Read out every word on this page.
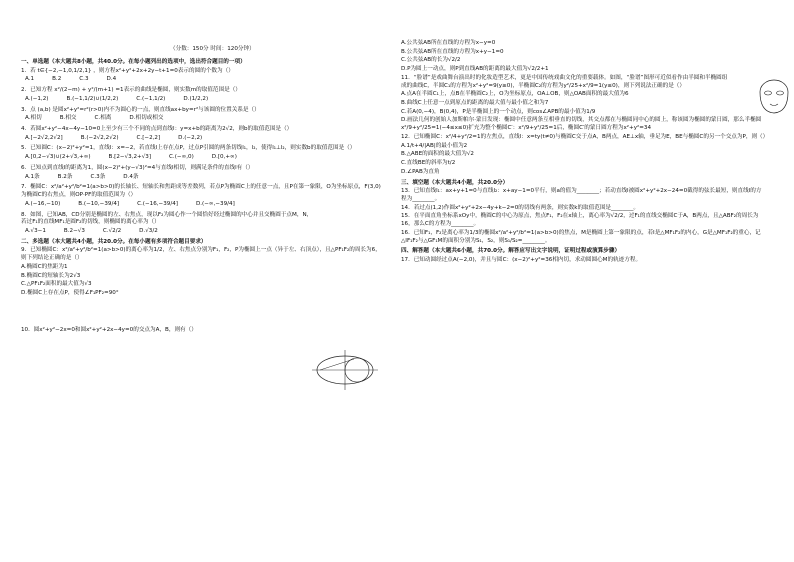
（分数：150分 时间：120分钟）
一、单选题（本大题共8小题，共40.0分。在每小题列出的选项中，选出符合题目的一项）
1．若 t∈{−2,−1,0,1/2,1} ，则方程x²+y²+2x+2y−t+1=0表示的圆的个数为（）
A.1	B.2	C.3	D.4
2．已知方程 x²/(2−m) + y²/(m+1) =1表示的曲线是椭圆，则实数m的取值范围是（）
A.(−1,2)	B.(−1,1/2)∪(1/2,2)	C.(−1,1/2)	D.(1/2,2)
3．点 (a,b) 是圆x²+y²=r²(r>0)内不为圆心的一点，则直线ax+by=r²与该圆的位置关系是（）
A.相切	B.相交	C.相离	D.相切或相交
4．若圆x²+y²−4x−4y−10=0上至少有三个不同的点到直线l：y=x+b的距离为2√2，则b的取值范围是（）
A.[−2√2,2√2]	B.(−2√2,2√2)	C.[−2,2]	D.(−2,2)
5．已知圆C：(x−2)²+y²=1，直线l：x=−2，若直线l上存在点P，过点P引圆的两条切线l₁，l₂，使得l₁⊥l₂，则实数b的取值范围是（）
A.[0,2−√3)∪(2+√3,+∞)	B.[2−√3,2+√3]	C.(−∞,0)	D.[0,+∞)
6．已知点到直线l的距离为1，圆(x−2)²+(y−√3)²=4与直线l相切，则满足条件的直线l有（）
A.1条	B.2条	C.3条	D.4条
7．椭圆C：x²/a²+y²/b²=1(a>b>0)的长轴长、短轴长和焦距成等差数列，若点P为椭圆C上的任意一点，且P在第一象限，O为坐标原点，F(3,0)为椭圆C的右焦点，则OP·PF的取值范围为（）
A.(−16,−10)	B.(−10,−39/4]	C.(−16,−39/4]	D.(−∞,−39/4]
8．如图，已知AB，CD分别是椭圆的左、右焦点，现以F₂为圆心作一个圆恰好经过椭圆的中心并且交椭圆于点M，N，若过F₁的直线MF₁是圆F₂的切线，则椭圆的离心率为（）
A.√3−1	B.2−√3	C.√2/2	D.√3/2
二、多选题（本大题共4小题，共20.0分。在每小题有多项符合题目要求）
9．已知椭圆C：x²/a²+y²/b²=1(a>b>0)的离心率为1/2，左、右焦点分别为F₁，F₂，P为椭圆上一点（异于左、右顶点），且△PF₁F₂的周长为6，则下列结论正确的是（）
A.椭圆C的焦距为1
B.椭圆C的短轴长为2√3
C.△PF₁F₂面积的最大值为√3
D.椭圆C上存在点P，使得∠F₁PF₂=90°
10．圆x²+y²−2x=0和圆x²+y²+2x−4y=0的交点为A，B，则有（）
A.公共弦AB所在直线的方程为x−y=0
B.公共弦AB所在直线的方程为x+y−1=0
C.公共弦AB的长为√2/2
D.P为圆上一动点，则P到直线AB的距离的最大值为√2/2+1
11．“脸谱”是戏曲舞台演出时的化妆造型艺术，更是中国传统戏曲文化的重要载体。如图，“脸谱”图形可近似看作由半圆和半椭圆组成的曲线C，半圆C₁的方程为x²+y²=9(y≥0)，半椭圆C₂的方程为y²/25+x²/9=1(y≤0)，则下列说法正确的是（）
A.点A在半圆C₁上，点B在半椭圆C₂上，O为坐标原点，OA⊥OB，则△OAB面积的最大值为6
B.曲线C上任意一点到原点的距离的最大值与最小值之和为7
C.若A(0,−4)，B(0,4)，P是半椭圆上的一个动点，则cos∠APB的最小值为1/9
D.画法几何的创始人加斯帕尔·蒙日发现：椭圆中任意两条互相垂直的切线，其交点都在与椭圆同中心的圆上，称该圆为椭圆的蒙日圆，那么半椭圆x²/9+y²/25=1(−4≤x≤0)扩充为整个椭圆C′：x²/9+y²/25=1后，椭圆C′的蒙日圆方程为x²+y²=34
12．已知椭圆C：x²/4+y²/2=1的左焦点，直线l：x=ty(t≠0)与椭圆C交于点A，B两点，AE⊥x轴，垂足为E，BE与椭圆C的另一个交点为P，则（）
A.1/t+4/|AB|的最小值为2
B.△ABE的面积的最大值为√2
C.直线BE的斜率为t/2
D.∠PAB为直角
三、填空题（本大题共4小题，共20.0分）
13．已知直线l₁：ax+y+1=0与直线l₂：x+ay−1=0平行，则a的值为________；若动直线l被圆x²+y²+2x−24=0截得的弦长最短，则直线l的方程为________。
14．若过点(1,2)作圆x²+y²+2x−4y+k−2=0的切线有两条，则实数k的取值范围是________。
15．在平面直角坐标系xOy中，椭圆C的中心为原点，焦点F₁，F₂在x轴上，离心率为√2/2，过F₁的直线交椭圆C于A，B两点，且△ABF₂的周长为16，那么C的方程为________。
16．已知F₁，F₂是离心率为1/3的椭圆x²/a²+y²/b²=1(a>b>0)的焦点，M是椭圆上第一象限的点，若I是△MF₁F₂的内心，G是△MF₁F₂的重心，记△IF₁F₂与△GF₁M的面积分别为S₁，S₂，则S₁/S₂=________。
四、解答题（本大题共6小题，共70.0分。解答应写出文字说明，证明过程或演算步骤）
17．已知动圆经过点A(−2,0)，并且与圆C：(x−2)²+y²=36相内切，求动圆圆心M的轨迹方程。
